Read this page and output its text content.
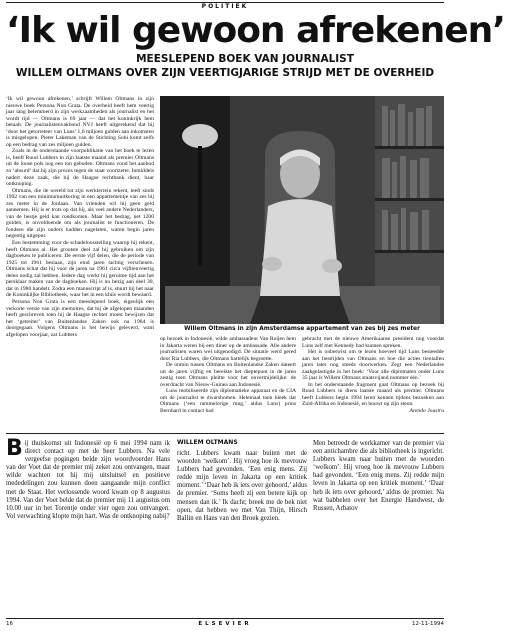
POLITIEK
‘Ik wil gewoon afrekenen’
MEESLEPEND BOEK VAN JOURNALIST
WILLEM OLTMANS OVER ZIJN VEERTIGJARIGE STRIJD MET DE OVERHEID

‘Ik wil gewoon afrekenen,’ schrijft Willem Oltmans in zijn nieuwe boek Persona Non Grata. De overheid heeft hem veertig jaar lang belemmerd in zijn werkzaamheden als journalist en het wordt tijd — Oltmans is 69 jaar — dat het koninkrijk hem betaalt. De journalistenvakbond NVJ heeft uitgerekend dat hij ‘door het getorreteer van Luns’ 1,6 miljoen gulden aan inkomsten is misgelopen. Pieter Lakeman van de Stichting Sobi komt zelfs op een bedrag van zes miljoen gulden.

Zoals in de onderstaande voorpublikatie van het boek te lezen is, heeft Ruud Lubbers in zijn laatste maand als premier Oltmans uit de louse pols nog een ton geboden. Oltmans vond het aanbod zo ‘absurd’ dat hij zijn proces tegen de staat voortzette. Inmiddels nadert deze zaak, die bij de Haagse rechtbank dient, haar ontknoping.

Oltmans, die de wereld tot zijn werkterrein rekent, leeft sinds 1992 van een minimumuitkering in een appartementje van zes bij zes meter in de Jordaan. Van vrienden wil hij geen geld aannemen. Hij is er trots op dat hij, als veel andere Nederlanders, van de bestje geld kan rondkomen. Maar het bedrag, net 1200 gulden, is onvoldoende om als journalist te functioneren. De fondsen die zijn ouders hadden nagelaten, waren begin jaren negentig uitgeput.

Een bestemming voor de schadeloosstelling waarop hij rekent, heeft Oltmans al. Het grootste deel zal hij gebruiken om zijn dagboeken te publiceren. De eerste vijf delen, die de periode van 1925 tot 1961 beslaan, zijn eind jaren tachtig verschenen. Oltmans schat dat hij voor de jaren na 1961 circa vijftienveertig delen nodig zal hebben. Iedere dag werkt hij geruime tijd aan het persklaar maken van de dagboeken. Hij is nu bezig aan deel 30, dat in 1980 handelt. Zodra een manuscript af is, stuurt hij het naar de Koninklijke Bibliotheek, waar het in een kluis wordt bewaard.

Persona Non Grata is een meeslepend boek, eigenlijk een verkorte versie van zijn memoires, dat bij de afgelopen maanden heeft geschreven toen hij de Haagse rechter moest bewijzen dat het ‘getreiter’ van Buitenlandse Zaken ook na 1964 is doorgegaan. Volgens Oltmans is het bewijs geleverd, want afgelopen voorjaar, zat Lubbers

Willem Oltmans in zijn Amsterdamse appartement van zes bij zes meter

op bezoek in Indonesië, wilde ambassadeur Van Roijen hem in Jakarta weren bij een diner op de ambassade. Alle andere journalisten waren wel uitgenodigd. De situatie werd gered door Ria Lubbers, die Oltmans hartelijk begroette.

De onmin tussen Oltmans en Buitenlandse Zaken dateert uit de jaren vijftig en bereikte het dieptepunt in de jaren zestig toen Oltmans pleitte voor het onvermijdelijke: de overdracht van Nieuw-Guinea aan Indonesië.

Luns mobiliseerde zijn diplomatieke apparaat en de CIA om de journalist te dwarsbomen. Helemaal toen bleek dat Oltmans (‘een rammelorige mug,’ aldus Luns) prins Bernhard in contact had

gebracht met de nieuwe Amerikaanse president nog voordat Luns zelf met Kennedy had kunnen spreken.

Het is onbetwist om te lezen hoeveel tijd Luns besteedde aan het bestrijden van Oltmans en hoe die acties tientallen jaren later nog steeds doorwerken. Zegt een Nederlandse zaakgelastigde in het boek: ‘Voor alle diplomaten onder Luns 35 jaar is Willem Oltmans staatsvijand nummer één.’

In het onderstaande fragment gaat Oltmans op bezoek bij Ruud Lubbers in diens laatste maand als premier. Oltmans heeft Lubbers begin 1994 leren kennen tijdens bezoeken aan Zuid-Afrika en Indonesië, en bouwt op zijn steun.

Arendo Joustra

WILLEM OLTMANS

Bij thuiskomst uit Indonesië op 6 mei 1994 nam ik direct contact op met de heer Lubbers. Na vele vergeefse pogingen belde zijn woordvoerder Hans van der Voet dat de premier mij zeker zou ontvangen, maar wilde wachten tot hij mij uitsluitsel en positieve mededelingen zou kunnen doen aangaande mijn conflict met de Staat. Het verlossende woord kwam op 8 augustus 1994. Van der Voet belde dat de premier mij 11 augustus om 10.00 uur in het Torentje onder vier ogen zou ontvangen. Vol verwachting klopte mijn hart. Was de ontknoping nabij?

richt. Lubbers kwam naar buiten met de woorden ‘welkom’. Hij vroeg hoe ik mevrouw Lubbers had gevonden. ‘Een enig mens. Zij redde mijn leven in Jakarta op een kritiek moment.’ ‘Daar heb ik iets over gehoord,’ aldus de premier. ‘Soms heeft zij een betere kijk op mensen dan ik.’ Ik dacht; breek me de bek niet open, dat hebben we met Van Thijn, Hirsch Ballin en Hans van den Broek gezien.

Men betreedt de werkkamer van de premier via een antichambre die als bibliotheek is ingericht. Lubbers kwam naar buiten met de woorden ‘welkom’. Hij vroeg hoe ik mevrouw Lubbers had gevonden. ‘Een enig mens. Zij redde mijn leven in Jakarta op een kritiek moment.’ ‘Daar heb ik iets over gehoord,’ aldus de premier. Na wat babbelen over het Energie Handwest, de Russen, Arbatov

16	ELSEVIER	12-11-1994
